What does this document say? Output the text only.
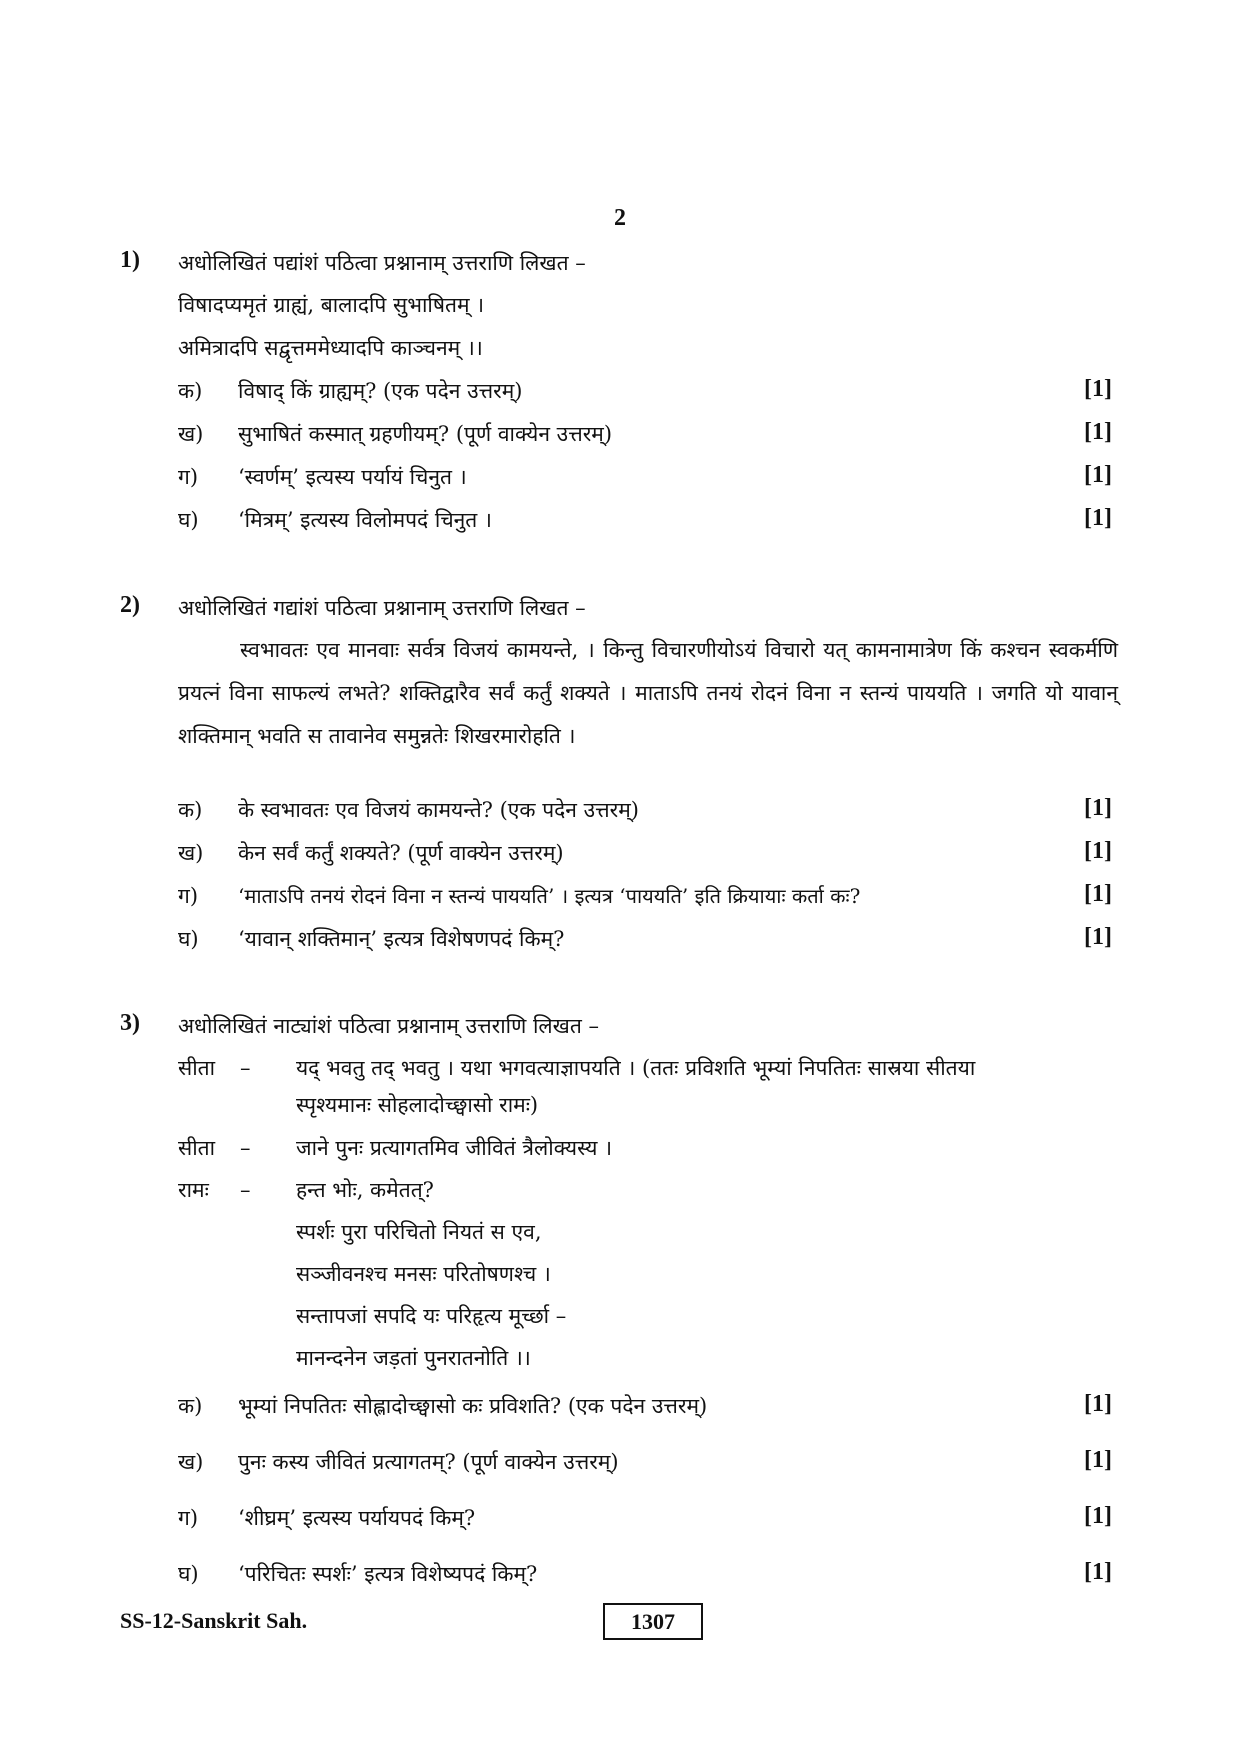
2
1) अधोलिखितं पद्यांशं पठित्वा प्रश्नानाम् उत्तराणि लिखत –
विषादप्यमृतं ग्राह्यं, बालादपि सुभाषितम् ।
अमित्रादपि सद्वृत्तममेध्यादपि काञ्चनम् ।।
क)	विषाद् किं ग्राह्यम्? (एक पदेन उत्तरम्)	[1]
ख)	सुभाषितं कस्मात् ग्रहणीयम्? (पूर्ण वाक्येन उत्तरम्)	[1]
ग)	‘स्वर्णम्’ इत्यस्य पर्यायं चिनुत ।	[1]
घ)	‘मित्रम्’ इत्यस्य विलोमपदं चिनुत ।	[1]
2) अधोलिखितं गद्यांशं पठित्वा प्रश्नानाम् उत्तराणि लिखत –
स्वभावतः एव मानवाः सर्वत्र विजयं कामयन्ते, । किन्तु विचारणीयोऽयं विचारो यत् कामनामात्रेण किं कश्चन स्वकर्मणि प्रयत्नं विना साफल्यं लभते? शक्तिद्वारैव सर्वं कर्तुं शक्यते । माताऽपि तनयं रोदनं विना न स्तन्यं पाययति । जगति यो यावान् शक्तिमान् भवति स तावानेव समुन्नतेः शिखरमारोहति ।
क)	के स्वभावतः एव विजयं कामयन्ते? (एक पदेन उत्तरम्)	[1]
ख)	केन सर्वं कर्तुं शक्यते? (पूर्ण वाक्येन उत्तरम्)	[1]
ग)	‘माताऽपि तनयं रोदनं विना न स्तन्यं पाययति’ । इत्यत्र ‘पाययति’ इति क्रियायाः कर्ता कः?	[1]
घ)	‘यावान् शक्तिमान्’ इत्यत्र विशेषणपदं किम्?	[1]
3) अधोलिखितं नाट्यांशं पठित्वा प्रश्नानाम् उत्तराणि लिखत –
सीता – यद् भवतु तद् भवतु । यथा भगवत्याज्ञापयति । (ततः प्रविशति भूम्यां निपतितः सास्रया सीतया
स्पृश्यमानः सोहलादोच्छ्वासो रामः)
सीता – जाने पुनः प्रत्यागतमिव जीवितं त्रैलोक्यस्य ।
रामः – हन्त भोः, कमेतत्?
स्पर्शः पुरा परिचितो नियतं स एव,
सञ्जीवनश्च मनसः परितोषणश्च ।
सन्तापजां सपदि यः परिहृत्य मूर्च्छा –
मानन्दनेन जड़तां पुनरातनोति ।।
क)	भूम्यां निपतितः सोह्लादोच्छ्वासो कः प्रविशति? (एक पदेन उत्तरम्)	[1]
ख)	पुनः कस्य जीवितं प्रत्यागतम्? (पूर्ण वाक्येन उत्तरम्)	[1]
ग)	‘शीघ्रम्’ इत्यस्य पर्यायपदं किम्?	[1]
घ)	‘परिचितः स्पर्शः’ इत्यत्र विशेष्यपदं किम्?	[1]
SS-12-Sanskrit Sah.	1307
